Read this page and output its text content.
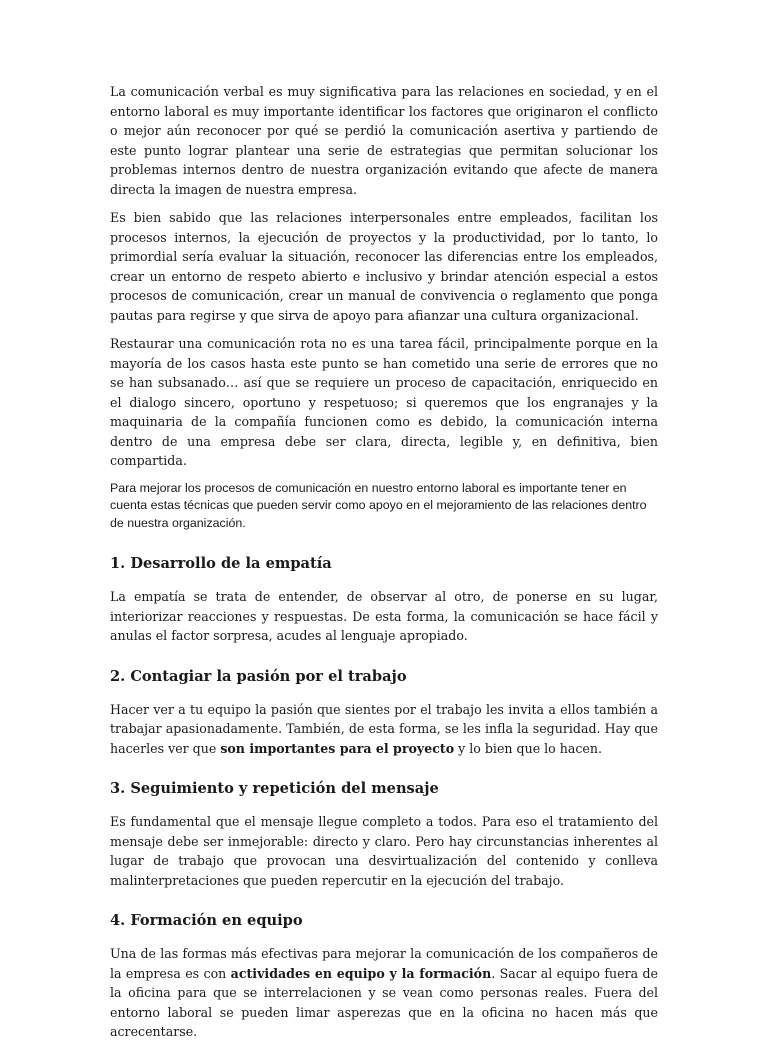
La comunicación verbal es muy significativa para las relaciones en sociedad, y en el entorno laboral es muy importante identificar los factores que originaron el conflicto o mejor aún reconocer por qué se perdió la comunicación asertiva y partiendo de este punto lograr plantear una serie de estrategias que permitan solucionar los problemas internos dentro de nuestra organización evitando que afecte de manera directa la imagen de nuestra empresa.

Es bien sabido que las relaciones interpersonales entre empleados, facilitan los procesos internos, la ejecución de proyectos y la productividad, por lo tanto, lo primordial sería evaluar la situación, reconocer las diferencias entre los empleados, crear un entorno de respeto abierto e inclusivo y brindar atención especial a estos procesos de comunicación, crear un manual de convivencia o reglamento que ponga pautas para regirse y que sirva de apoyo para afianzar una cultura organizacional.

Restaurar una comunicación rota no es una tarea fácil, principalmente porque en la mayoría de los casos hasta este punto se han cometido una serie de errores que no se han subsanado… así que se requiere un proceso de capacitación, enriquecido en el dialogo sincero, oportuno y respetuoso; si queremos que los engranajes y la maquinaria de la compañía funcionen como es debido, la comunicación interna dentro de una empresa debe ser clara, directa, legible y, en definitiva, bien compartida.

Para mejorar los procesos de comunicación en nuestro entorno laboral es importante tener en cuenta estas técnicas que pueden servir como apoyo en el mejoramiento de las relaciones dentro de nuestra organización.

1. Desarrollo de la empatía

La empatía se trata de entender, de observar al otro, de ponerse en su lugar, interiorizar reacciones y respuestas. De esta forma, la comunicación se hace fácil y anulas el factor sorpresa, acudes al lenguaje apropiado.

2. Contagiar la pasión por el trabajo

Hacer ver a tu equipo la pasión que sientes por el trabajo les invita a ellos también a trabajar apasionadamente. También, de esta forma, se les infla la seguridad. Hay que hacerles ver que son importantes para el proyecto y lo bien que lo hacen.

3. Seguimiento y repetición del mensaje

Es fundamental que el mensaje llegue completo a todos. Para eso el tratamiento del mensaje debe ser inmejorable: directo y claro. Pero hay circunstancias inherentes al lugar de trabajo que provocan una desvirtualización del contenido y conlleva malinterpretaciones que pueden repercutir en la ejecución del trabajo.

4. Formación en equipo

Una de las formas más efectivas para mejorar la comunicación de los compañeros de la empresa es con actividades en equipo y la formación. Sacar al equipo fuera de la oficina para que se interrelacionen y se vean como personas reales. Fuera del entorno laboral se pueden limar asperezas que en la oficina no hacen más que acrecentarse.
